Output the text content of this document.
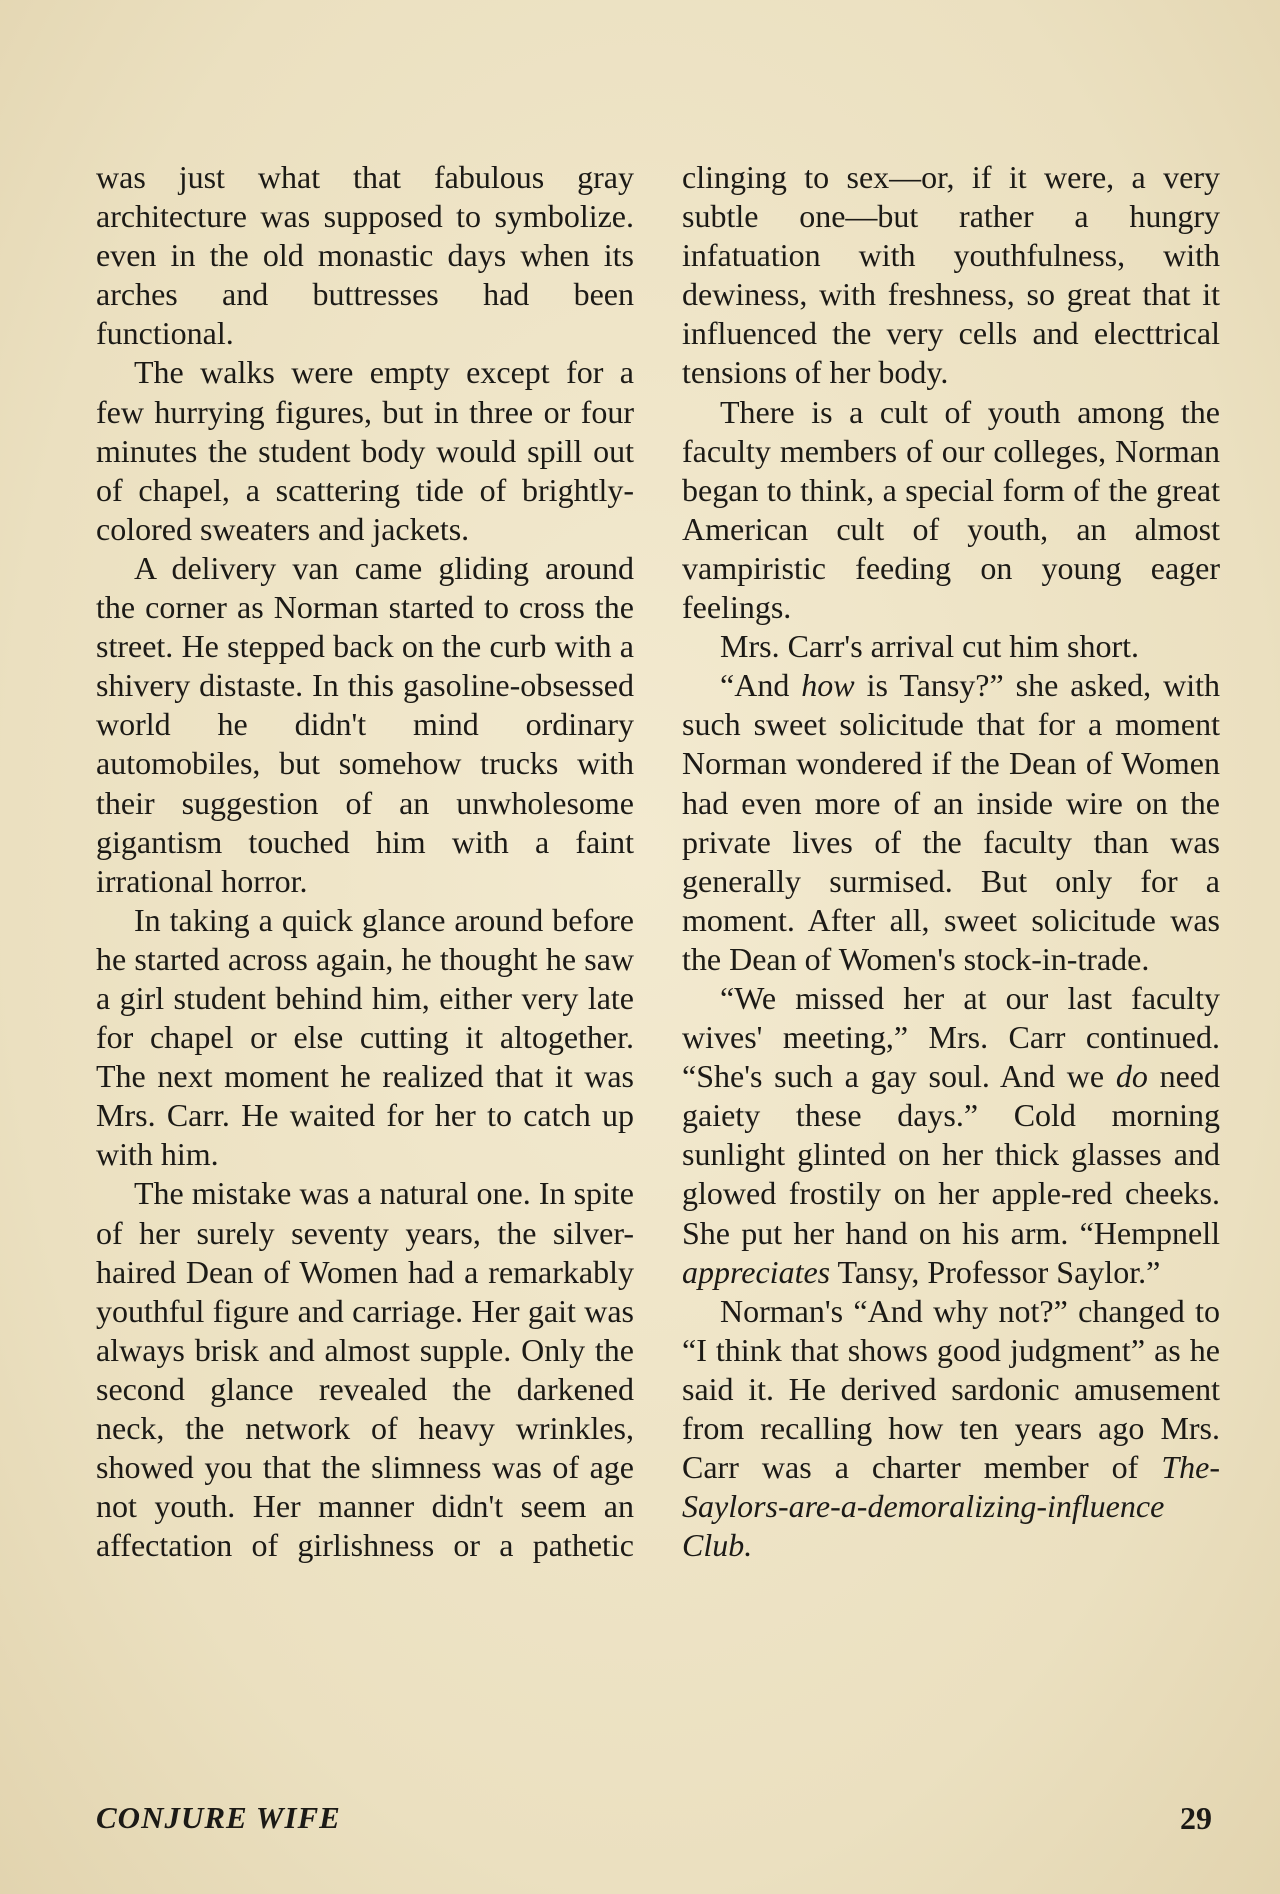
was just what that fabulous gray architecture was supposed to symbolize. even in the old monastic days when its arches and buttresses had been functional.

The walks were empty except for a few hurrying figures, but in three or four minutes the student body would spill out of chapel, a scattering tide of brightly-colored sweaters and jackets.

A delivery van came gliding around the corner as Norman started to cross the street. He stepped back on the curb with a shivery distaste. In this gasoline-obsessed world he didn't mind ordinary automobiles, but somehow trucks with their suggestion of an unwholesome gigantism touched him with a faint irrational horror.

In taking a quick glance around before he started across again, he thought he saw a girl student behind him, either very late for chapel or else cutting it altogether. The next moment he realized that it was Mrs. Carr. He waited for her to catch up with him.

The mistake was a natural one. In spite of her surely seventy years, the silver-haired Dean of Women had a remarkably youthful figure and carriage. Her gait was always brisk and almost supple. Only the second glance revealed the darkened neck, the network of heavy wrinkles, showed you that the slimness was of age not youth. Her manner didn't seem an affectation of girlishness or a pathetic

clinging to sex—or, if it were, a very subtle one—but rather a hungry infatuation with youthfulness, with dewiness, with freshness, so great that it influenced the very cells and electtrical tensions of her body.

There is a cult of youth among the faculty members of our colleges, Norman began to think, a special form of the great American cult of youth, an almost vampiristic feeding on young eager feelings.

Mrs. Carr's arrival cut him short.

“And how is Tansy?” she asked, with such sweet solicitude that for a moment Norman wondered if the Dean of Women had even more of an inside wire on the private lives of the faculty than was generally surmised. But only for a moment. After all, sweet solicitude was the Dean of Women's stock-in-trade.

“We missed her at our last faculty wives' meeting,” Mrs. Carr continued. “She's such a gay soul. And we do need gaiety these days.” Cold morning sunlight glinted on her thick glasses and glowed frostily on her apple-red cheeks. She put her hand on his arm. “Hempnell appreciates Tansy, Professor Saylor.”

Norman's “And why not?” changed to “I think that shows good judgment” as he said it. He derived sardonic amusement from recalling how ten years ago Mrs. Carr was a charter member of The-Saylors-are-a-demoralizing-influence Club.

CONJURE WIFE	29
